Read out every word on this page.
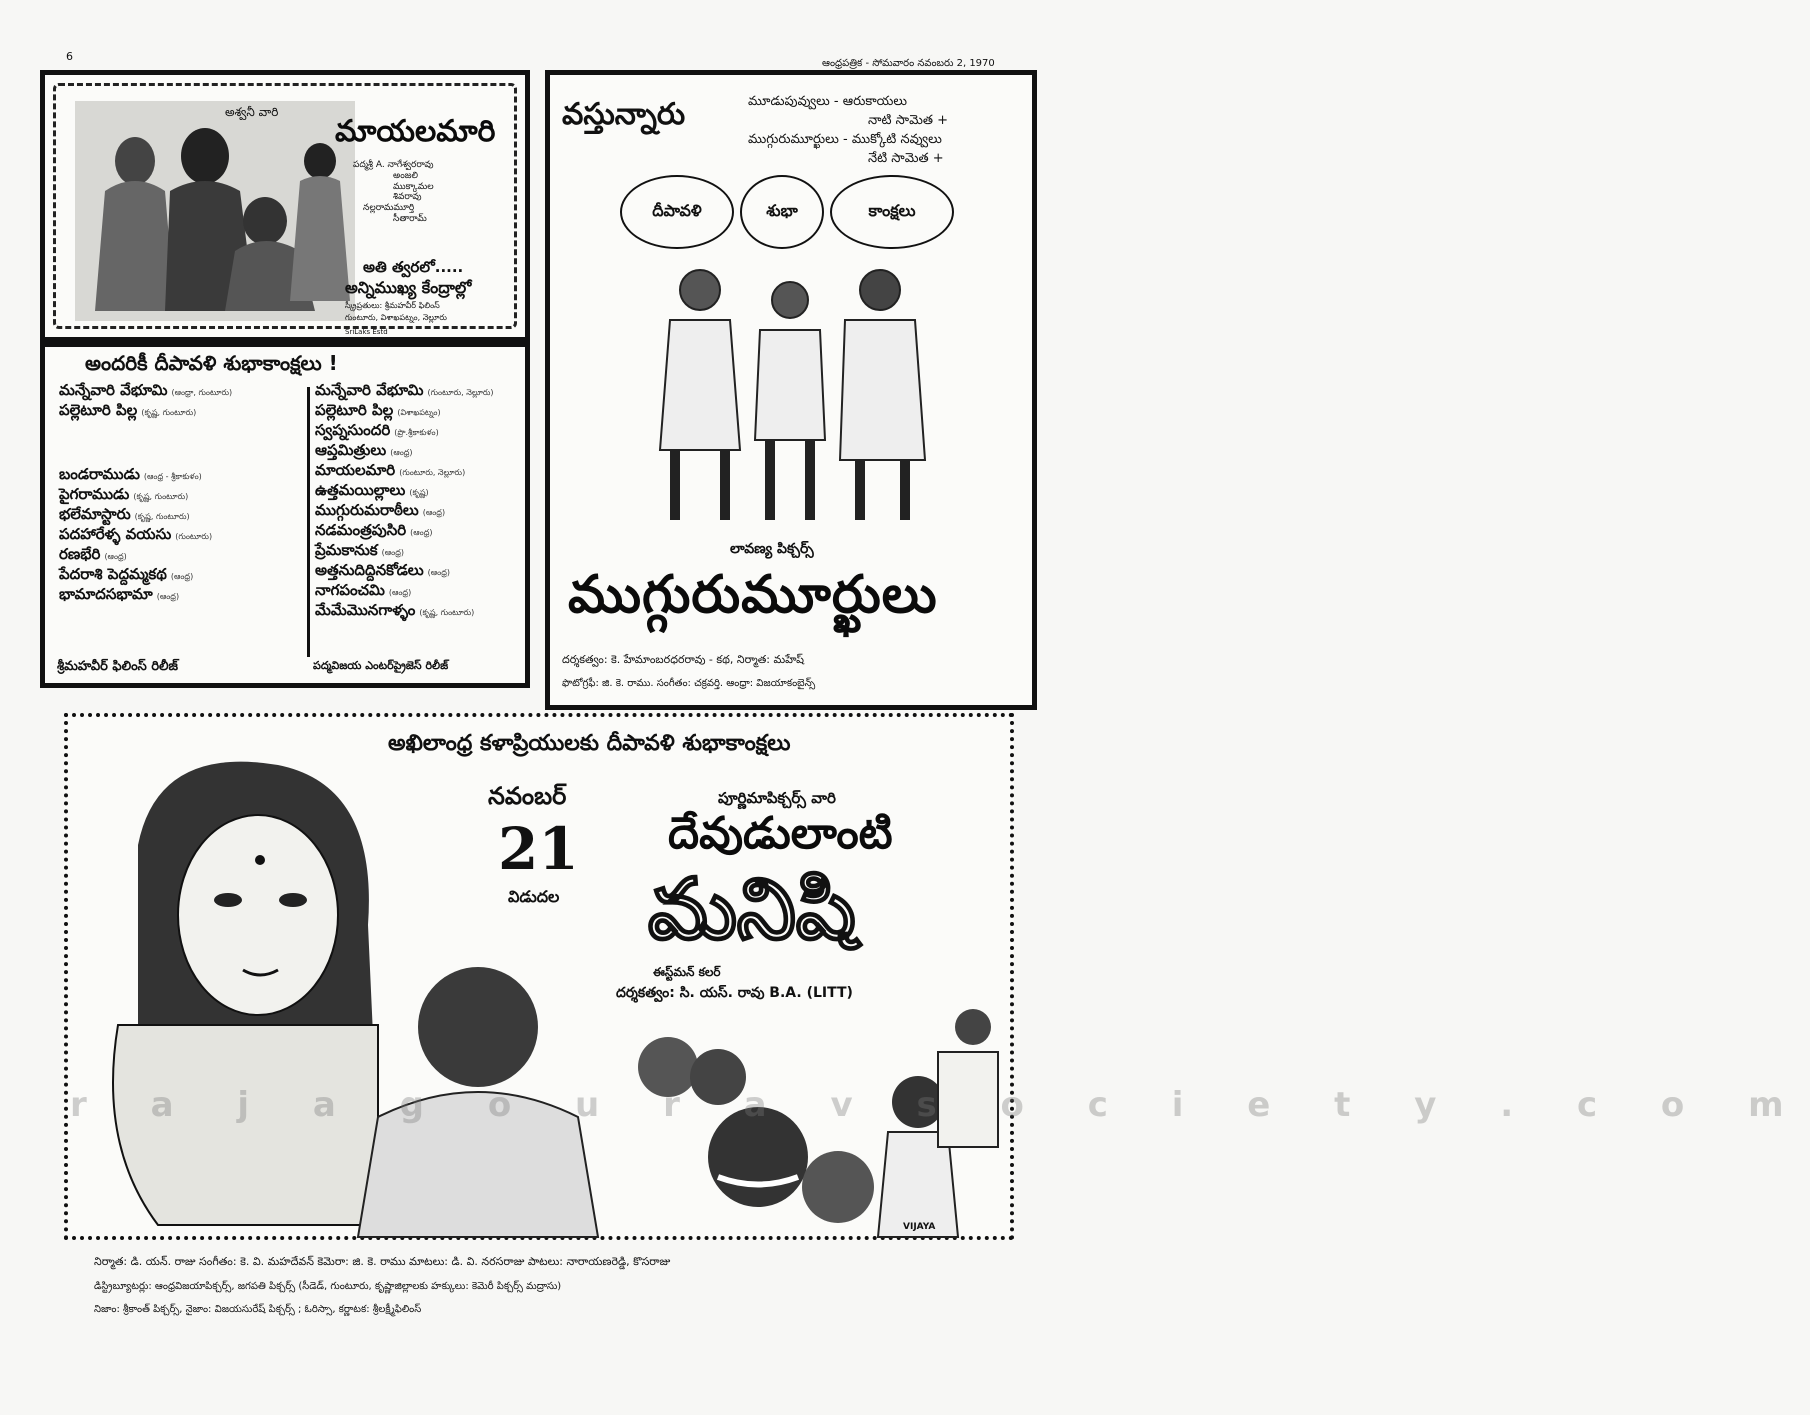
6
ఆంధ్రపత్రిక - సోమవారం నవంబరు 2, 1970
అశ్వనీ వారి
మాయలమారి
పద్మశ్రీ A. నాగేశ్వరరావు
అంజలి
ముక్కామల
శివరావు
నల్లరామమూర్తి
సీతారామ్
అతి త్వరలో.....
అన్నిముఖ్య కేంద్రాల్లో
స్క్రీప్రతులు: శ్రీమహవీర్ ఫిలింస్
గుంటూరు, విశాఖపట్నం, నెల్లూరు
SriLaks Estd
అందరికీ దీపావళి శుభాకాంక్షలు !
మన్నేవారి వేభూమి (ఆంధ్రా, గుంటూరు)
పల్లెటూరి పిల్ల (కృష్ణ, గుంటూరు)
బండరాముడు (ఆంధ్ర - శ్రీకాకుళం)
పైగరాముడు (కృష్ణ, గుంటూరు)
భలేమాస్టారు (కృష్ణ, గుంటూరు)
పదహారేళ్ళ వయసు (గుంటూరు)
రణభేరి (ఆంధ్ర)
పేదరాశి పెద్దమ్మకథ (ఆంధ్ర)
భామాదసభామా (ఆంధ్ర)
మన్నేవారి వేభూమి (గుంటూరు, నెల్లూరు)
పల్లెటూరి పిల్ల (విశాఖపట్నం)
స్వప్నసుందరి (ప్రొ.శ్రీకాకుళం)
ఆప్తమిత్రులు (ఆంధ్ర)
మాయలమారి (గుంటూరు, నెల్లూరు)
ఉత్తమయిల్లాలు (కృష్ణ)
ముగ్గురుమరాఠీలు (ఆంధ్ర)
నడమంత్రపుసిరి (ఆంధ్ర)
ప్రేమకానుక (ఆంధ్ర)
అత్తనుదిద్దినకోడలు (ఆంధ్ర)
నాగపంచమి (ఆంధ్ర)
మేమేమొనగాళ్ళం (కృష్ణ, గుంటూరు)
శ్రీమహవీర్ ఫిలింస్ రిలీజ్	పద్మవిజయ ఎంటర్‌ప్రైజెస్ రిలీజ్
వస్తున్నారు	మూడుపువ్వులు - ఆరుకాయలు
నాటి సామెత +
ముగ్గురుమూర్ఖులు - ముక్కోటి నవ్వులు
నేటి సామెత +
దీపావళి	శుభా	కాంక్షలు
లావణ్య పిక్చర్స్
ముగ్గురుమూర్ఖులు
దర్శకత్వం: కె. హేమాంబరధరరావు - కథ, నిర్మాత: మహేష్
ఫొటోగ్రఫీ: జి. కె. రాము. సంగీతం: చక్రవర్తి. ఆంధ్రా: విజయాకంబైన్స్
అఖిలాంధ్ర కళాప్రియులకు దీపావళి శుభాకాంక్షలు
నవంబర్
21
విడుదల
పూర్ణిమాపిక్చర్స్ వారి
దేవుడులాంటి
మనిషి
ఈస్ట్‌మన్ కలర్
దర్శకత్వం: సి. యస్. రావు B.A. (LITT)
VIJAYA
నిర్మాత: డి. యన్. రాజు సంగీతం: కె. వి. మహదేవన్ కెమెరా: జి. కె. రాము మాటలు: డి. వి. నరసరాజు పాటలు: నారాయణరెడ్డి, కొసరాజు
డిస్ట్రిబ్యూటర్లు: ఆంధ్రవిజయాపిక్చర్స్, జగపతి పిక్చర్స్ (సీడెడ్, గుంటూరు, కృష్ణాజిల్లాలకు హక్కులు: కెమెరీ పిక్చర్స్ మద్రాసు)
నిజాం: శ్రీకాంత్ పిక్చర్స్, నైజాం: విజయసురేష్ పిక్చర్స్ ; ఓరిస్సా, కర్ణాటక: శ్రీలక్ష్మీఫిలింస్
r a j a g o u r a v s o c i e t y . c o m
